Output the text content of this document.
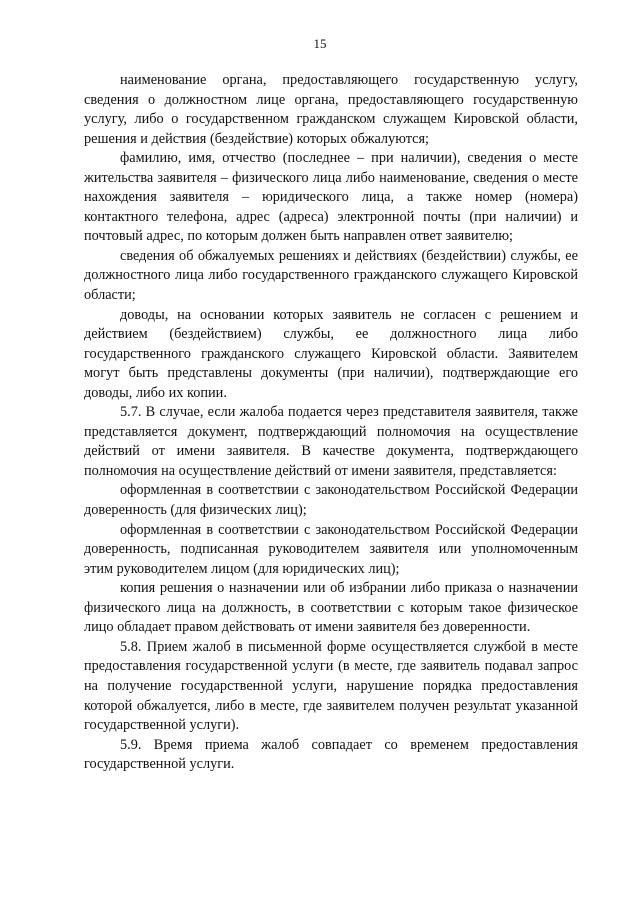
15

наименование органа, предоставляющего государственную услугу, сведения о должностном лице органа, предоставляющего государственную услугу, либо о государственном гражданском служащем Кировской области, решения и действия (бездействие) которых обжалуются;

фамилию, имя, отчество (последнее – при наличии), сведения о месте жительства заявителя – физического лица либо наименование, сведения о месте нахождения заявителя – юридического лица, а также номер (номера) контактного телефона, адрес (адреса) электронной почты (при наличии) и почтовый адрес, по которым должен быть направлен ответ заявителю;

сведения об обжалуемых решениях и действиях (бездействии) службы, ее должностного лица либо государственного гражданского служащего Кировской области;

доводы, на основании которых заявитель не согласен с решением и действием (бездействием) службы, ее должностного лица либо государственного гражданского служащего Кировской области. Заявителем могут быть представлены документы (при наличии), подтверждающие его доводы, либо их копии.

5.7. В случае, если жалоба подается через представителя заявителя, также представляется документ, подтверждающий полномочия на осуществление действий от имени заявителя. В качестве документа, подтверждающего полномочия на осуществление действий от имени заявителя, представляется:

оформленная в соответствии с законодательством Российской Федерации доверенность (для физических лиц);

оформленная в соответствии с законодательством Российской Федерации доверенность, подписанная руководителем заявителя или уполномоченным этим руководителем лицом (для юридических лиц);

копия решения о назначении или об избрании либо приказа о назначении физического лица на должность, в соответствии с которым такое физическое лицо обладает правом действовать от имени заявителя без доверенности.

5.8. Прием жалоб в письменной форме осуществляется службой в месте предоставления государственной услуги (в месте, где заявитель подавал запрос на получение государственной услуги, нарушение порядка предоставления которой обжалуется, либо в месте, где заявителем получен результат указанной государственной услуги).

5.9. Время приема жалоб совпадает со временем предоставления государственной услуги.
